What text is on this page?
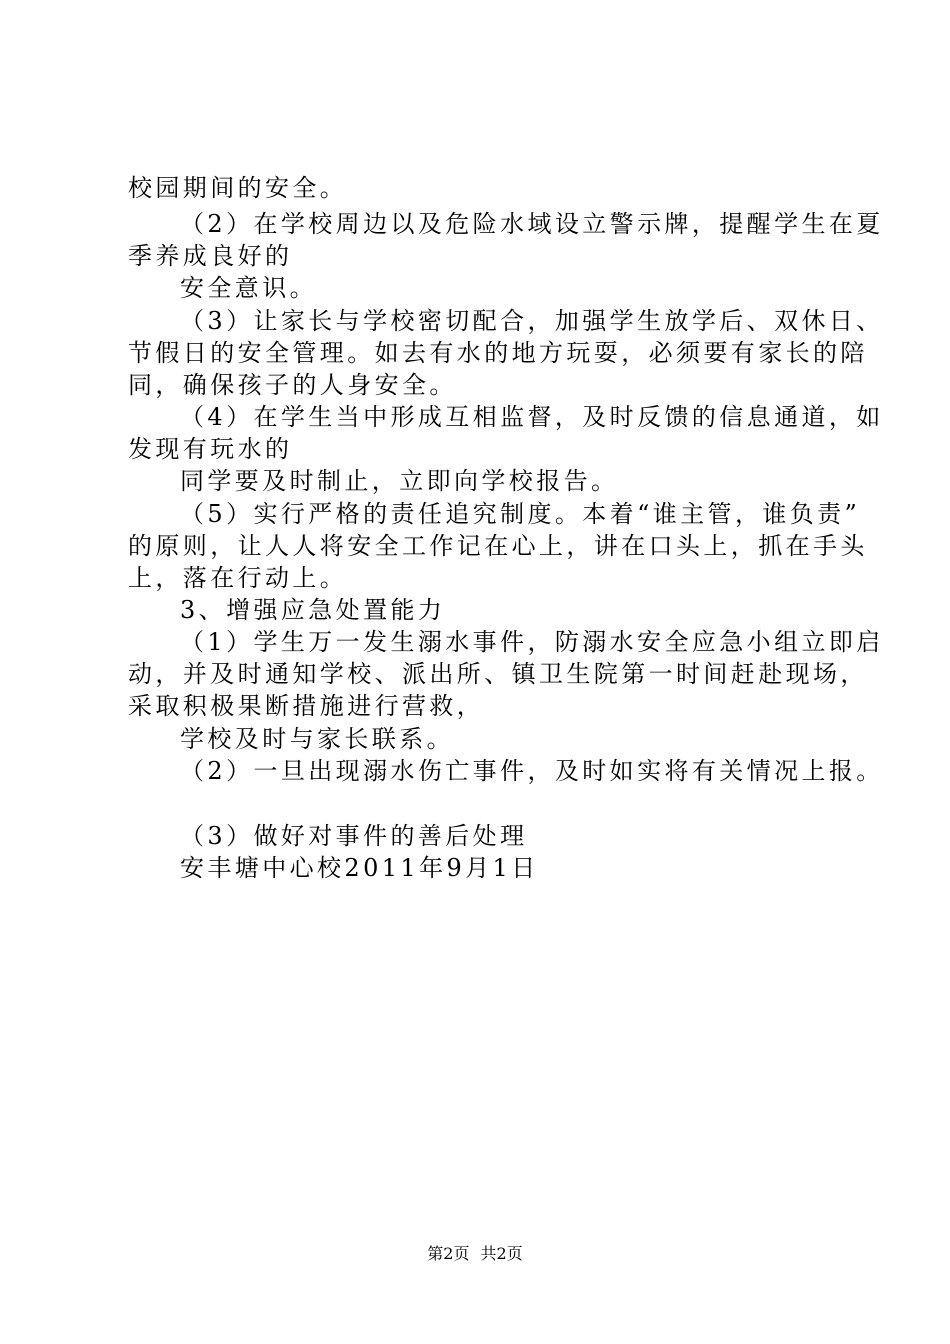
校园期间的安全。
（2）在学校周边以及危险水域设立警示牌，提醒学生在夏
季养成良好的
安全意识。
（3）让家长与学校密切配合，加强学生放学后、双休日、
节假日的安全管理。如去有水的地方玩耍，必须要有家长的陪
同，确保孩子的人身安全。
（4）在学生当中形成互相监督，及时反馈的信息通道，如
发现有玩水的
同学要及时制止，立即向学校报告。
（5）实行严格的责任追究制度。本着“谁主管，谁负责”
的原则，让人人将安全工作记在心上，讲在口头上，抓在手头
上，落在行动上。
3、增强应急处置能力
（1）学生万一发生溺水事件，防溺水安全应急小组立即启
动，并及时通知学校、派出所、镇卫生院第一时间赶赴现场，
采取积极果断措施进行营救，
学校及时与家长联系。
（2）一旦出现溺水伤亡事件，及时如实将有关情况上报。
（3）做好对事件的善后处理
安丰塘中心校2011年9月1日
第2页 共2页
